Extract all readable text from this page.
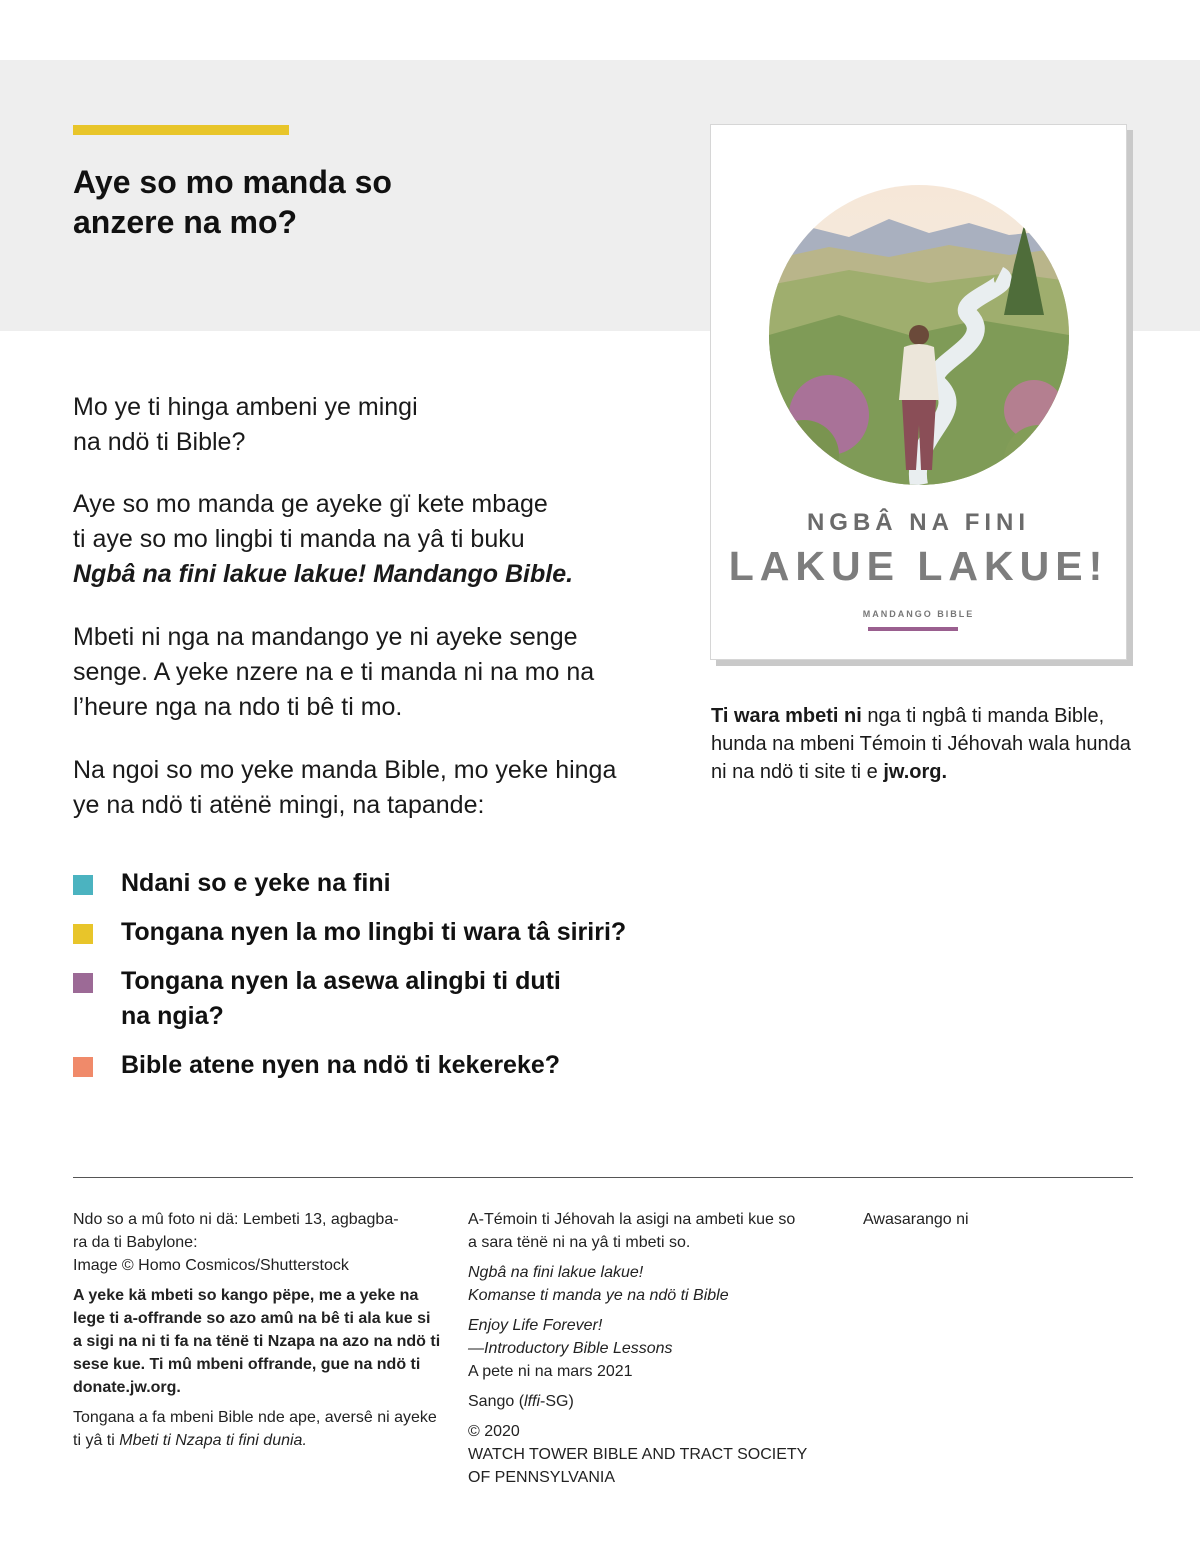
Aye so mo manda so
anzere na mo?

Mo ye ti hinga ambeni ye mingi
na ndö ti Bible?

Aye so mo manda ge ayeke gï kete mbage
ti aye so mo lingbi ti manda na yâ ti buku
Ngbâ na fini lakue lakue! Mandango Bible.

Mbeti ni nga na mandango ye ni ayeke senge
senge. A yeke nzere na e ti manda ni na mo na
l’heure nga na ndo ti bê ti mo.

Na ngoi so mo yeke manda Bible, mo yeke hinga
ye na ndö ti atënë mingi, na tapande:

Ndani so e yeke na fini
Tongana nyen la mo lingbi ti wara tâ siriri?
Tongana nyen la asewa alingbi ti duti
na ngia?
Bible atene nyen na ndö ti kekereke?
NGBÂ NA FINI
LAKUE LAKUE!
MANDANGO BIBLE

Ti wara mbeti ni nga ti ngbâ ti manda Bible, hunda na mbeni Témoin ti Jéhovah wala hunda ni na ndö ti site ti e jw.org.

Ndo so a mû foto ni dä: Lembeti 13, agbagba-
ra da ti Babylone:
Image © Homo Cosmicos/Shutterstock

A yeke kä mbeti so kango pëpe, me a yeke na lege ti a-offrande so azo amû na bê ti ala kue si a sigi na ni ti fa na tënë ti Nzapa na azo na ndö ti sese kue. Ti mû mbeni offrande, gue na ndö ti donate.jw.org.

Tongana a fa mbeni Bible nde ape, aversê ni ayeke ti yâ ti Mbeti ti Nzapa ti fini dunia.

A-Témoin ti Jéhovah la asigi na ambeti kue so
a sara tënë ni na yâ ti mbeti so.

Ngbâ na fini lakue lakue!
Komanse ti manda ye na ndö ti Bible

Enjoy Life Forever!
—Introductory Bible Lessons
A pete ni na mars 2021

Sango (lffi-SG)

© 2020
WATCH TOWER BIBLE AND TRACT SOCIETY
OF PENNSYLVANIA

Awasarango ni
